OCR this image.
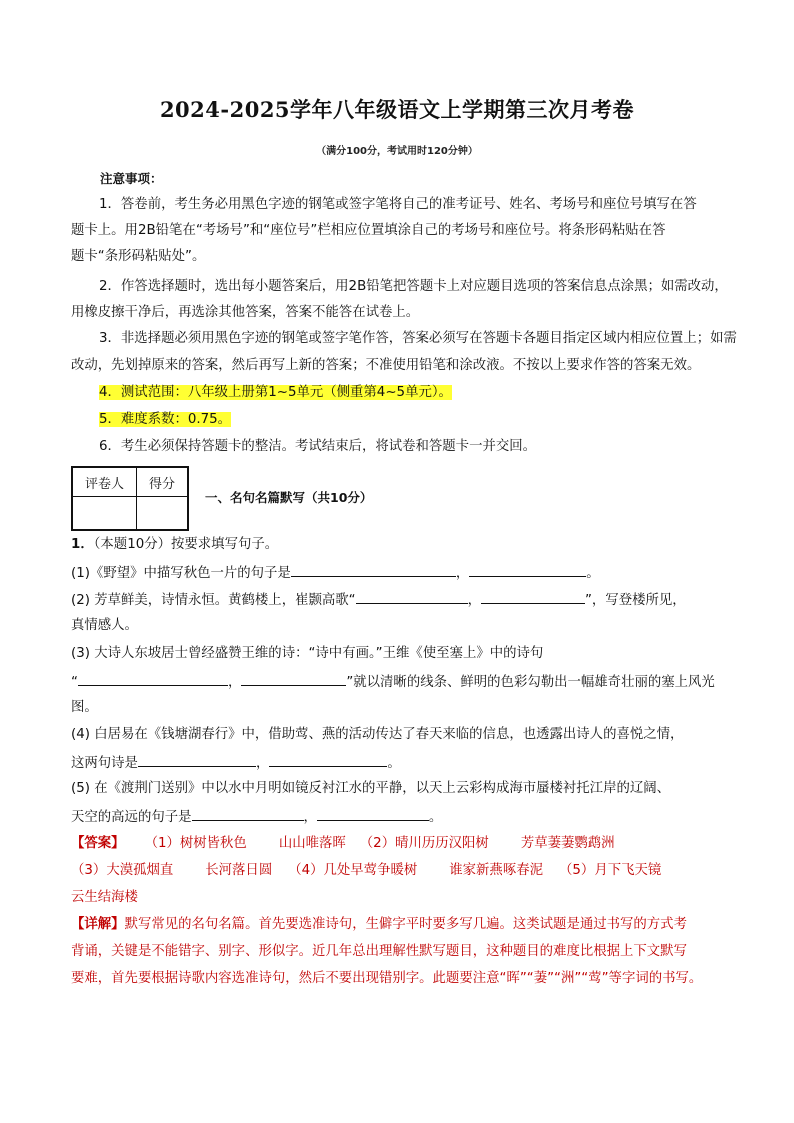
2024-2025学年八年级语文上学期第三次月考卷
（满分100分，考试用时120分钟）
注意事项：
1．答卷前，考生务必用黑色字迹的钢笔或签字笔将自己的准考证号、姓名、考场号和座位号填写在答
题卡上。用2B铅笔在“考场号”和“座位号”栏相应位置填涂自己的考场号和座位号。将条形码粘贴在答
题卡“条形码粘贴处”。
2．作答选择题时，选出每小题答案后，用2B铅笔把答题卡上对应题目选项的答案信息点涂黑；如需改动，
用橡皮擦干净后，再选涂其他答案，答案不能答在试卷上。
3．非选择题必须用黑色字迹的钢笔或签字笔作答，答案必须写在答题卡各题目指定区域内相应位置上；如需
改动，先划掉原来的答案，然后再写上新的答案；不准使用铅笔和涂改液。不按以上要求作答的答案无效。
4．测试范围：八年级上册第1~5单元（侧重第4~5单元）。
5．难度系数：0.75。
6．考生必须保持答题卡的整洁。考试结束后，将试卷和答题卡一并交回。
评卷人	得分

一、名句名篇默写（共10分）
1．（本题10分）按要求填写句子。
(1)《野望》中描写秋色一片的句子是	，	。
(2) 芳草鲜美，诗情永恒。黄鹤楼上，崔颢高歌“	，	”，写登楼所见，
真情感人。
(3) 大诗人东坡居士曾经盛赞王维的诗：“诗中有画。”王维《使至塞上》中的诗句
“	，	”就以清晰的线条、鲜明的色彩勾勒出一幅雄奇壮丽的塞上风光
图。
(4) 白居易在《钱塘湖春行》中，借助莺、燕的活动传达了春天来临的信息，也透露出诗人的喜悦之情，
这两句诗是	，	。
(5) 在《渡荆门送别》中以水中月明如镜反衬江水的平静，以天上云彩构成海市蜃楼衬托江岸的辽阔、
天空的高远的句子是	，	。
【答案】 （1）树树皆秋色 山山唯落晖 （2）晴川历历汉阳树 芳草萋萋鹦鹉洲
（3）大漠孤烟直 长河落日圆 （4）几处早莺争暖树 谁家新燕啄春泥 （5）月下飞天镜
云生结海楼
【详解】默写常见的名句名篇。首先要选准诗句，生僻字平时要多写几遍。这类试题是通过书写的方式考
背诵，关键是不能错字、别字、形似字。近几年总出理解性默写题目，这种题目的难度比根据上下文默写
要难，首先要根据诗歌内容选准诗句，然后不要出现错别字。此题要注意“晖”“萋”“洲”“莺”等字词的书写。
